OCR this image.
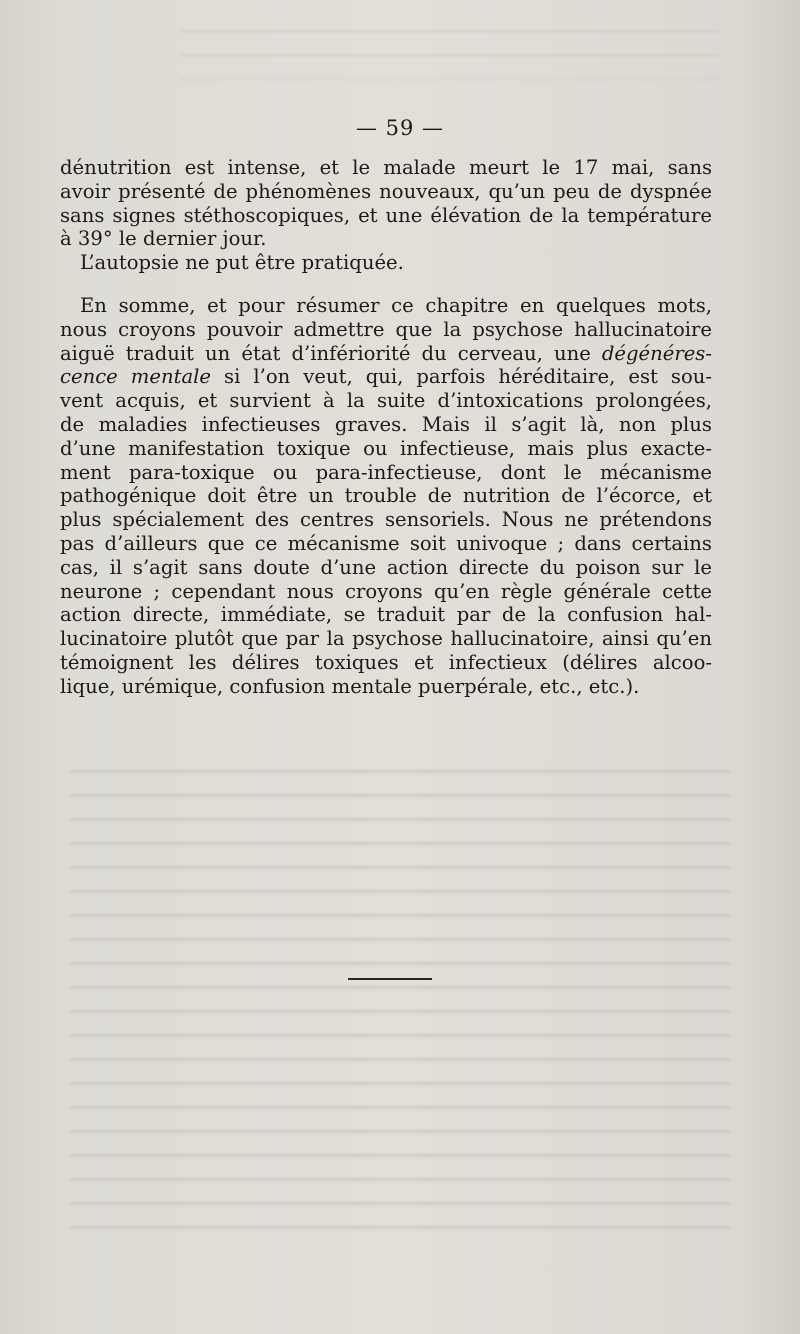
— 59 —
dénutrition est intense, et le malade meurt le 17 mai, sans
avoir présenté de phénomènes nouveaux, qu’un peu de dyspnée
sans signes stéthoscopiques, et une élévation de la température
à 39° le dernier jour.
L’autopsie ne put être pratiquée.
En somme, et pour résumer ce chapitre en quelques mots,
nous croyons pouvoir admettre que la psychose hallucinatoire
aiguë traduit un état d’infériorité du cerveau, une dégénéres-
cence mentale si l’on veut, qui, parfois héréditaire, est sou-
vent acquis, et survient à la suite d’intoxications prolongées,
de maladies infectieuses graves. Mais il s’agit là, non plus
d’une manifestation toxique ou infectieuse, mais plus exacte-
ment para-toxique ou para-infectieuse, dont le mécanisme
pathogénique doit être un trouble de nutrition de l’écorce, et
plus spécialement des centres sensoriels. Nous ne prétendons
pas d’ailleurs que ce mécanisme soit univoque ; dans certains
cas, il s’agit sans doute d’une action directe du poison sur le
neurone ; cependant nous croyons qu’en règle générale cette
action directe, immédiate, se traduit par de la confusion hal-
lucinatoire plutôt que par la psychose hallucinatoire, ainsi qu’en
témoignent les délires toxiques et infectieux (délires alcoo-
lique, urémique, confusion mentale puerpérale, etc., etc.).
